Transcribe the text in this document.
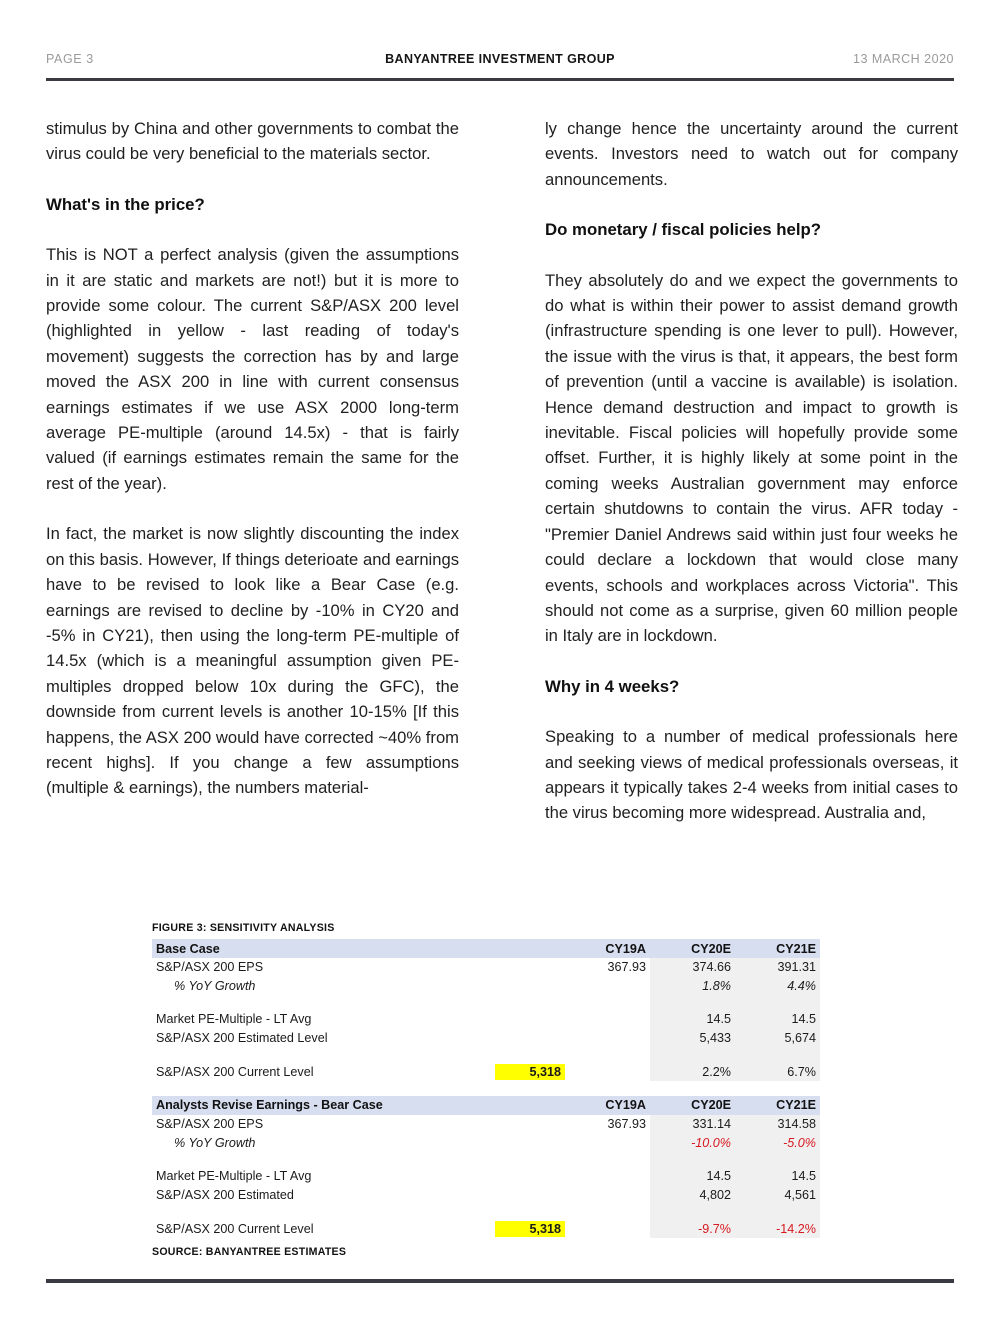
PAGE 3	BANYANTREE INVESTMENT GROUP	13 MARCH 2020

stimulus by China and other governments to combat the virus could be very beneficial to the materials sector.

What's in the price?

This is NOT a perfect analysis (given the assumptions in it are static and markets are not!) but it is more to provide some colour. The current S&P/ASX 200 level (highlighted in yellow - last reading of today's movement) suggests the correction has by and large moved the ASX 200 in line with current consensus earnings estimates if we use ASX 2000 long-term average PE-multiple (around 14.5x) - that is fairly valued (if earnings estimates remain the same for the rest of the year).

In fact, the market is now slightly discounting the index on this basis. However, If things deterioate and earnings have to be revised to look like a Bear Case (e.g. earnings are revised to decline by -10% in CY20 and -5% in CY21), then using the long-term PE-multiple of 14.5x (which is a meaningful assumption given PE-multiples dropped below 10x during the GFC), the downside from current levels is another 10-15% [If this happens, the ASX 200 would have corrected ~40% from recent highs]. If you change a few assumptions (multiple & earnings), the numbers material-

ly change hence the uncertainty around the current events. Investors need to watch out for company announcements.

Do monetary / fiscal policies help?

They absolutely do and we expect the governments to do what is within their power to assist demand growth (infrastructure spending is one lever to pull). However, the issue with the virus is that, it appears, the best form of prevention (until a vaccine is available) is isolation. Hence demand destruction and impact to growth is inevitable. Fiscal policies will hopefully provide some offset. Further, it is highly likely at some point in the coming weeks Australian government may enforce certain shutdowns to contain the virus. AFR today - "Premier Daniel Andrews said within just four weeks he could declare a lockdown that would close many events, schools and workplaces across Victoria". This should not come as a surprise, given 60 million people in Italy are in lockdown.

Why in 4 weeks?

Speaking to a number of medical professionals here and seeking views of medical professionals overseas, it appears it typically takes 2-4 weeks from initial cases to the virus becoming more widespread. Australia and,

FIGURE 3: SENSITIVITY ANALYSIS
Base Case		CY19A	CY20E	CY21E
S&P/ASX 200 EPS		367.93	374.66	391.31
% YoY Growth			1.8%	4.4%

Market PE-Multiple - LT Avg			14.5	14.5
S&P/ASX 200 Estimated Level			5,433	5,674

S&P/ASX 200 Current Level	5,318		2.2%	6.7%

Analysts Revise Earnings - Bear Case		CY19A	CY20E	CY21E
S&P/ASX 200 EPS		367.93	331.14	314.58
% YoY Growth			-10.0%	-5.0%

Market PE-Multiple - LT Avg			14.5	14.5
S&P/ASX 200 Estimated			4,802	4,561

S&P/ASX 200 Current Level	5,318		-9.7%	-14.2%
SOURCE: BANYANTREE ESTIMATES
